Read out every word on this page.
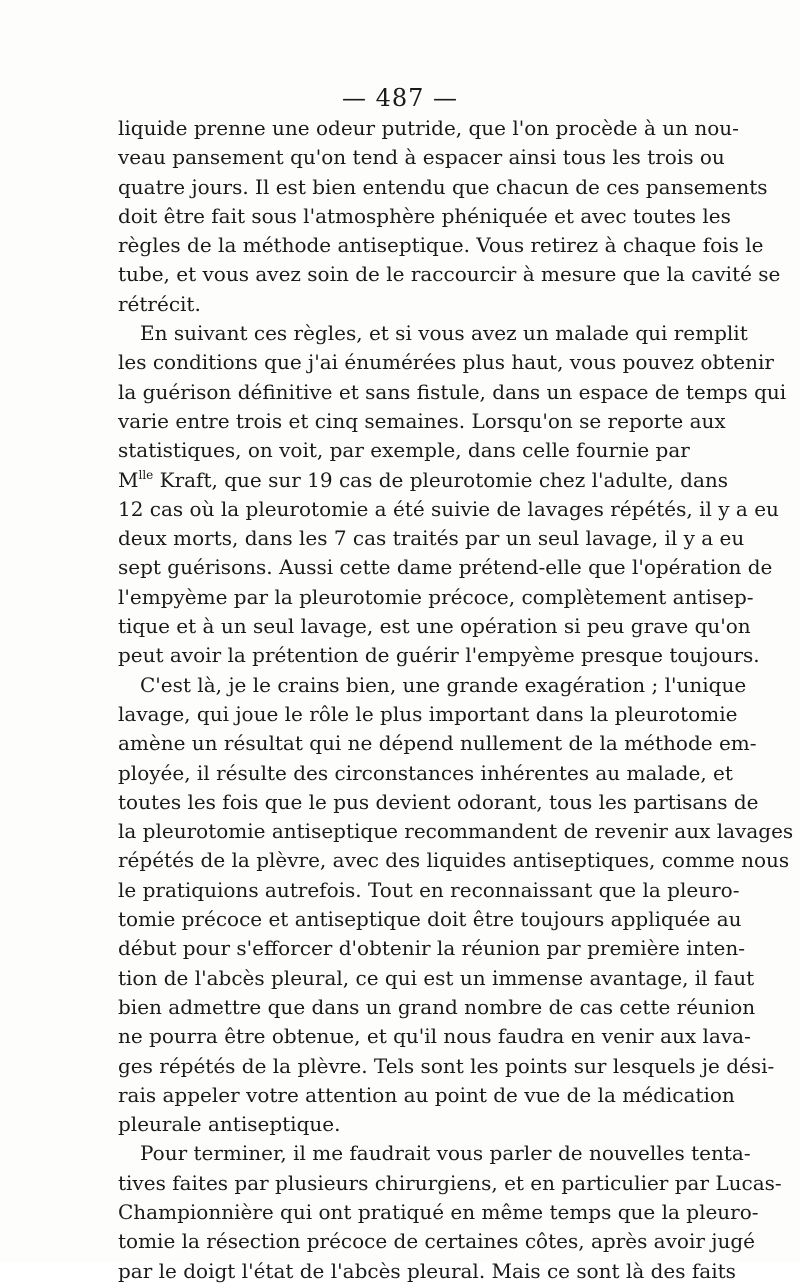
— 487 —
liquide prenne une odeur putride, que l'on procède à un nou-
veau pansement qu'on tend à espacer ainsi tous les trois ou
quatre jours. Il est bien entendu que chacun de ces pansements
doit être fait sous l'atmosphère phéniquée et avec toutes les
règles de la méthode antiseptique. Vous retirez à chaque fois le
tube, et vous avez soin de le raccourcir à mesure que la cavité se
rétrécit.
En suivant ces règles, et si vous avez un malade qui remplit
les conditions que j'ai énumérées plus haut, vous pouvez obtenir
la guérison définitive et sans fistule, dans un espace de temps qui
varie entre trois et cinq semaines. Lorsqu'on se reporte aux
statistiques, on voit, par exemple, dans celle fournie par
$M^{lle}$ Kraft, que sur 19 cas de pleurotomie chez l'adulte, dans
12 cas où la pleurotomie a été suivie de lavages répétés, il y a eu
deux morts, dans les 7 cas traités par un seul lavage, il y a eu
sept guérisons. Aussi cette dame prétend-elle que l'opération de
l'empyème par la pleurotomie précoce, complètement antisep-
tique et à un seul lavage, est une opération si peu grave qu'on
peut avoir la prétention de guérir l'empyème presque toujours.
C'est là, je le crains bien, une grande exagération ; l'unique
lavage, qui joue le rôle le plus important dans la pleurotomie
amène un résultat qui ne dépend nullement de la méthode em-
ployée, il résulte des circonstances inhérentes au malade, et
toutes les fois que le pus devient odorant, tous les partisans de
la pleurotomie antiseptique recommandent de revenir aux lavages
répétés de la plèvre, avec des liquides antiseptiques, comme nous
le pratiquions autrefois. Tout en reconnaissant que la pleuro-
tomie précoce et antiseptique doit être toujours appliquée au
début pour s'efforcer d'obtenir la réunion par première inten-
tion de l'abcès pleural, ce qui est un immense avantage, il faut
bien admettre que dans un grand nombre de cas cette réunion
ne pourra être obtenue, et qu'il nous faudra en venir aux lava-
ges répétés de la plèvre. Tels sont les points sur lesquels je dési-
rais appeler votre attention au point de vue de la médication
pleurale antiseptique.
Pour terminer, il me faudrait vous parler de nouvelles tenta-
tives faites par plusieurs chirurgiens, et en particulier par Lucas-
Championnière qui ont pratiqué en même temps que la pleuro-
tomie la résection précoce de certaines côtes, après avoir jugé
par le doigt l'état de l'abcès pleural. Mais ce sont là des faits
